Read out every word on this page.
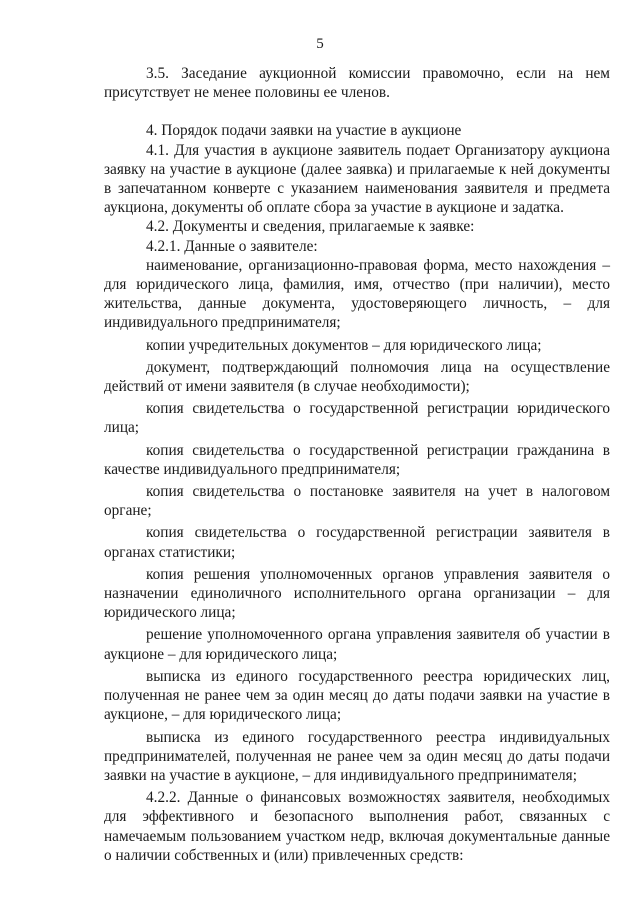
5

3.5. Заседание аукционной комиссии правомочно, если на нем присутствует не менее половины ее членов.

4. Порядок подачи заявки на участие в аукционе

4.1. Для участия в аукционе заявитель подает Организатору аукциона заявку на участие в аукционе (далее заявка) и прилагаемые к ней документы в запечатанном конверте с указанием наименования заявителя и предмета аукциона, документы об оплате сбора за участие в аукционе и задатка.

4.2. Документы и сведения, прилагаемые к заявке:

4.2.1. Данные о заявителе:

наименование, организационно-правовая форма, место нахождения – для юридического лица, фамилия, имя, отчество (при наличии), место жительства, данные документа, удостоверяющего личность, – для индивидуального предпринимателя;

копии учредительных документов – для юридического лица;

документ, подтверждающий полномочия лица на осуществление действий от имени заявителя (в случае необходимости);

копия свидетельства о государственной регистрации юридического лица;

копия свидетельства о государственной регистрации гражданина в качестве индивидуального предпринимателя;

копия свидетельства о постановке заявителя на учет в налоговом органе;

копия свидетельства о государственной регистрации заявителя в органах статистики;

копия решения уполномоченных органов управления заявителя о назначении единоличного исполнительного органа организации – для юридического лица;

решение уполномоченного органа управления заявителя об участии в аукционе – для юридического лица;

выписка из единого государственного реестра юридических лиц, полученная не ранее чем за один месяц до даты подачи заявки на участие в аукционе, – для юридического лица;

выписка из единого государственного реестра индивидуальных предпринимателей, полученная не ранее чем за один месяц до даты подачи заявки на участие в аукционе, – для индивидуального предпринимателя;

4.2.2. Данные о финансовых возможностях заявителя, необходимых для эффективного и безопасного выполнения работ, связанных с намечаемым пользованием участком недр, включая документальные данные о наличии собственных и (или) привлеченных средств:
